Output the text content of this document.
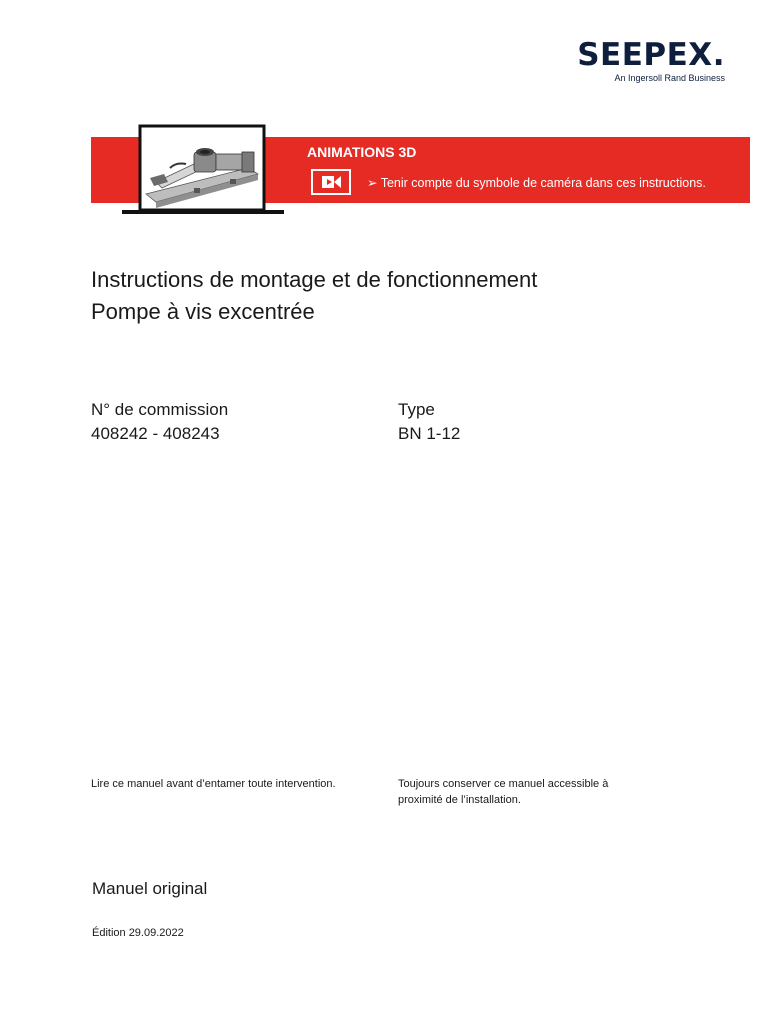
SEEPEX.
An Ingersoll Rand Business
ANIMATIONS 3D
➢ Tenir compte du symbole de caméra dans ces instructions.
Instructions de montage et de fonctionnement
Pompe à vis excentrée
N° de commission
408242 - 408243
Type
BN 1-12
Lire ce manuel avant d’entamer toute intervention.	Toujours conserver ce manuel accessible à
proximité de l’installation.
Manuel original
Édition 29.09.2022
